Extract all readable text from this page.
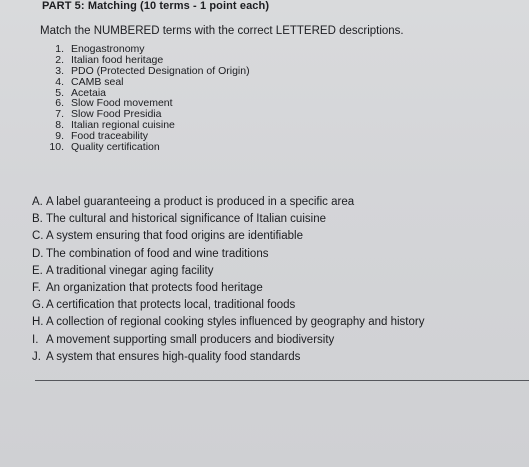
PART 5: Matching (10 terms - 1 point each)
Match the NUMBERED terms with the correct LETTERED descriptions.
1. Enogastronomy
2. Italian food heritage
3. PDO (Protected Designation of Origin)
4. CAMB seal
5. Acetaia
6. Slow Food movement
7. Slow Food Presidia
8. Italian regional cuisine
9. Food traceability
10. Quality certification
A. A label guaranteeing a product is produced in a specific area
B. The cultural and historical significance of Italian cuisine
C. A system ensuring that food origins are identifiable
D. The combination of food and wine traditions
E. A traditional vinegar aging facility
F. An organization that protects food heritage
G. A certification that protects local, traditional foods
H. A collection of regional cooking styles influenced by geography and history
I. A movement supporting small producers and biodiversity
J. A system that ensures high-quality food standards
